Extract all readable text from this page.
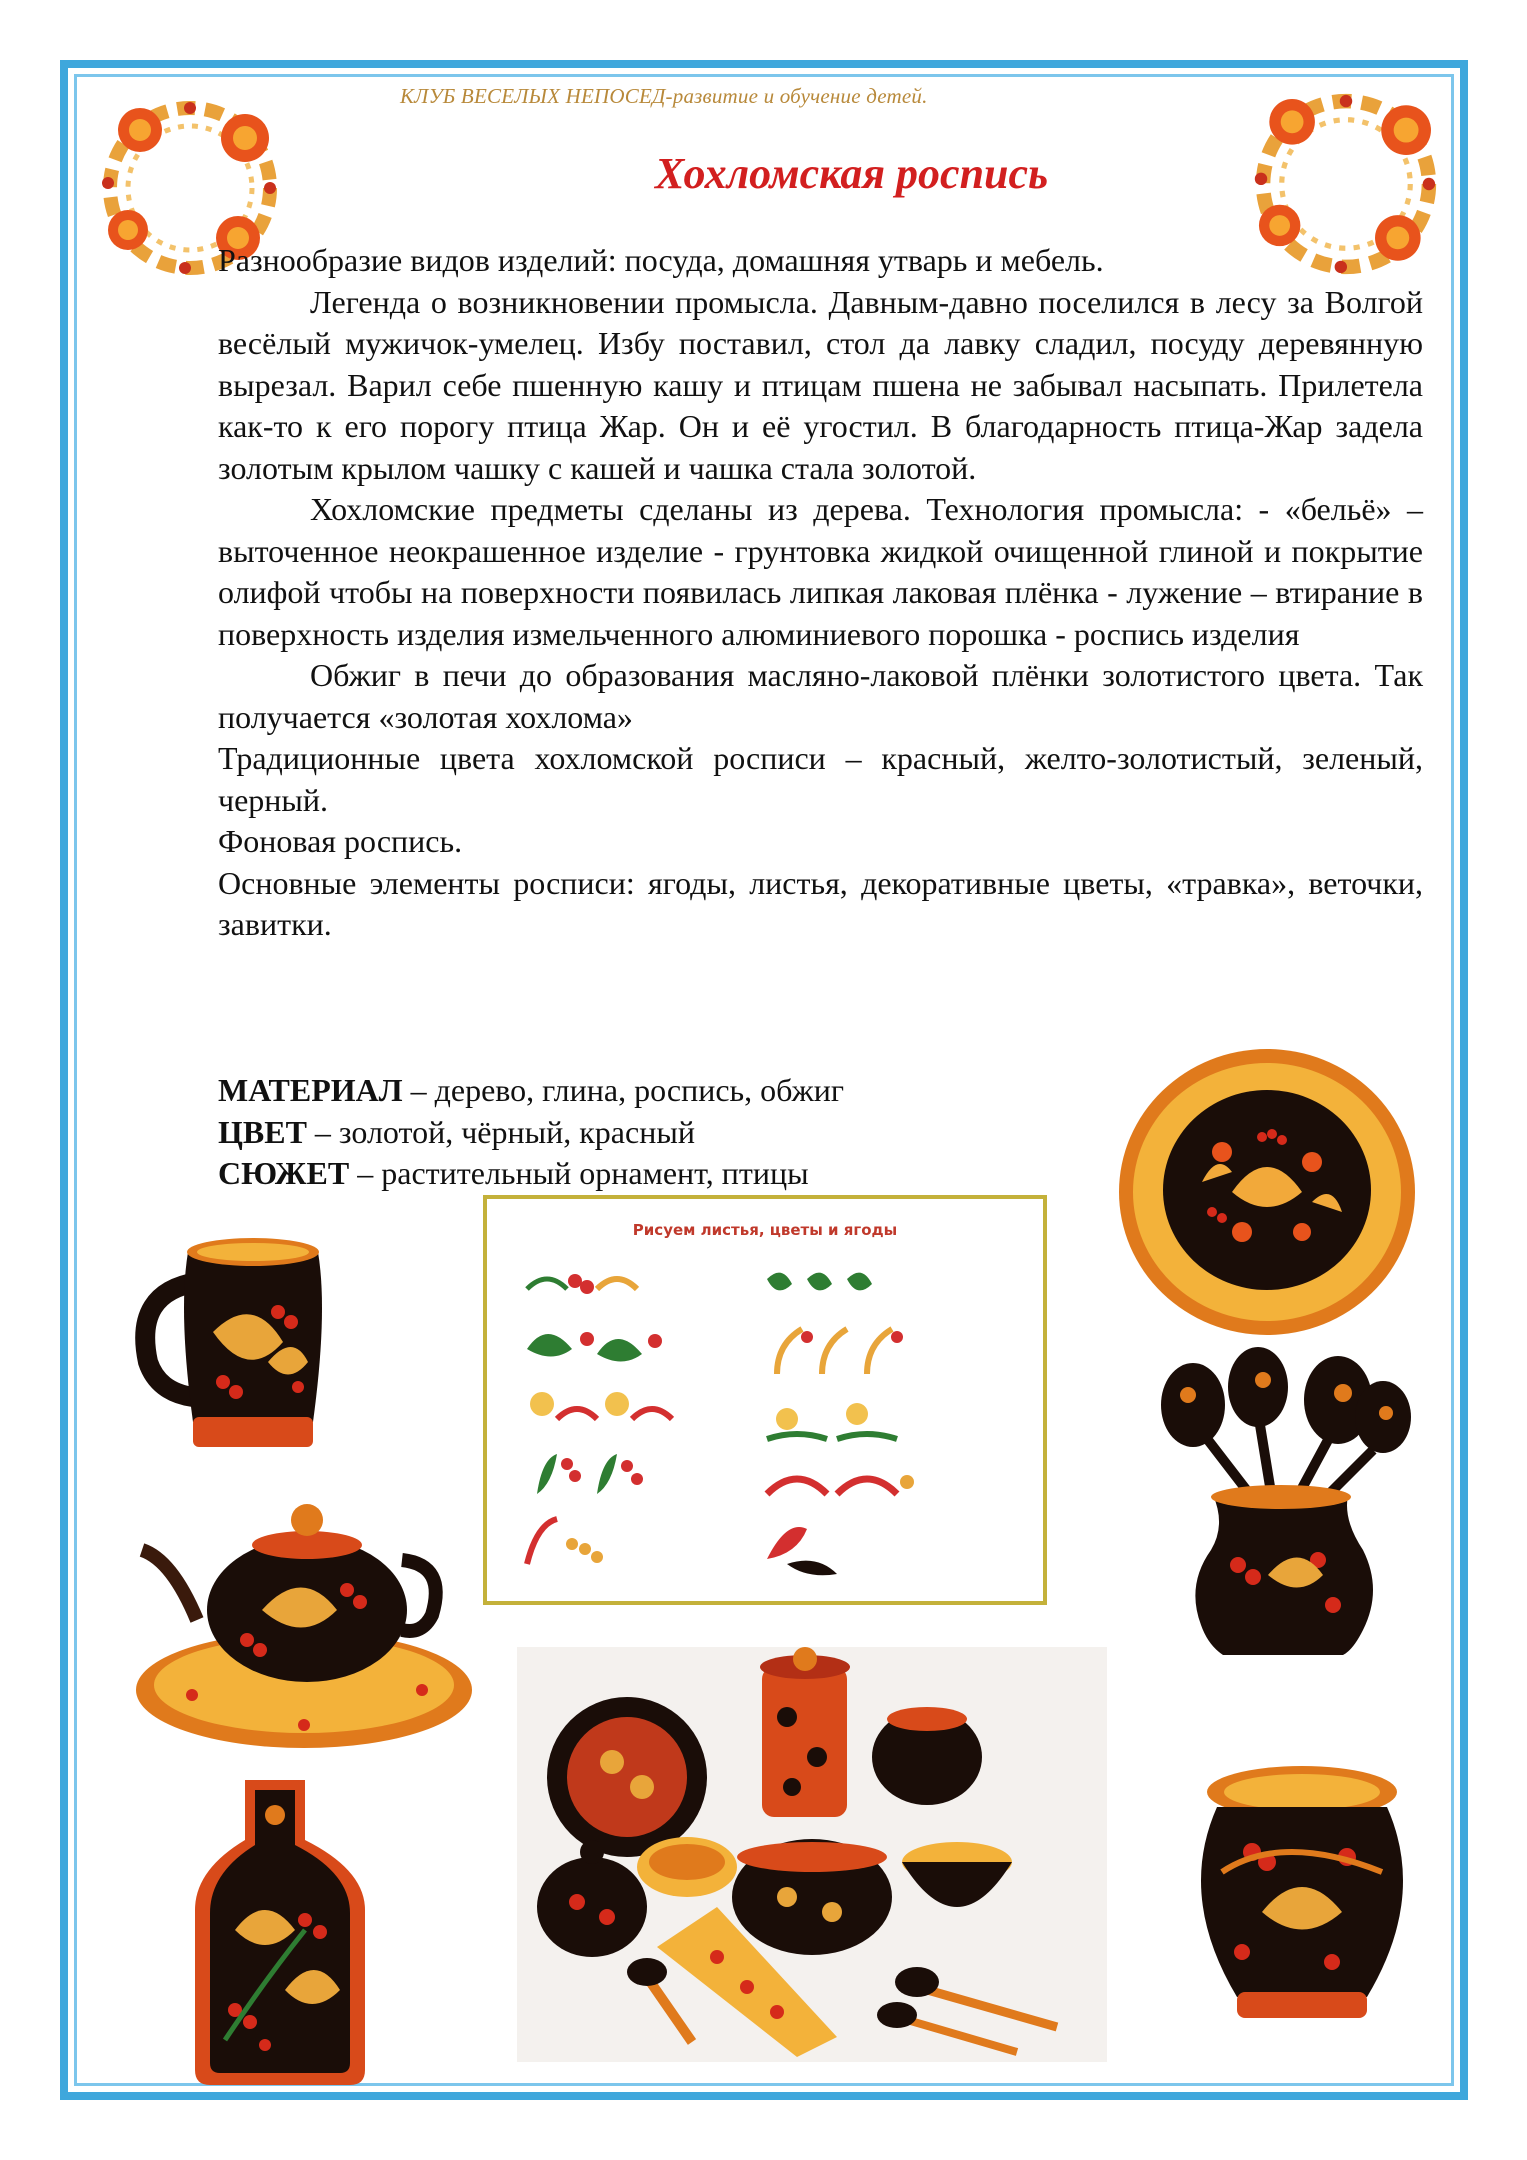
КЛУБ ВЕСЕЛЫХ НЕПОСЕД-развитие и обучение детей.
Хохломская роспись

Разнообразие видов изделий: посуда, домашняя утварь и мебель.

Легенда о возникновении промысла. Давным-давно поселился в лесу за Волгой весёлый мужичок-умелец. Избу поставил, стол да лавку сладил, посуду деревянную вырезал. Варил себе пшенную кашу и птицам пшена не забывал насыпать. Прилетела как-то к его порогу птица Жар. Он и её угостил. В благодарность птица-Жар задела золотым крылом чашку с кашей и чашка стала золотой.

Хохломские предметы сделаны из дерева. Технология промысла: - «бельё» – выточенное неокрашенное изделие - грунтовка жидкой очищенной глиной и покрытие олифой чтобы на поверхности появилась липкая лаковая плёнка - лужение – втирание в поверхность изделия измельченного алюминиевого порошка - роспись изделия

Обжиг в печи до образования масляно-лаковой плёнки золотистого цвета. Так получается «золотая хохлома»

Традиционные цвета хохломской росписи – красный, желто-золотистый, зеленый, черный.

Фоновая роспись.

Основные элементы росписи: ягоды, листья, декоративные цветы, «травка», веточки, завитки.

МАТЕРИАЛ – дерево, глина, роспись, обжиг
ЦВЕТ – золотой, чёрный, красный
СЮЖЕТ – растительный орнамент, птицы
Рисуем листья, цветы и ягоды
